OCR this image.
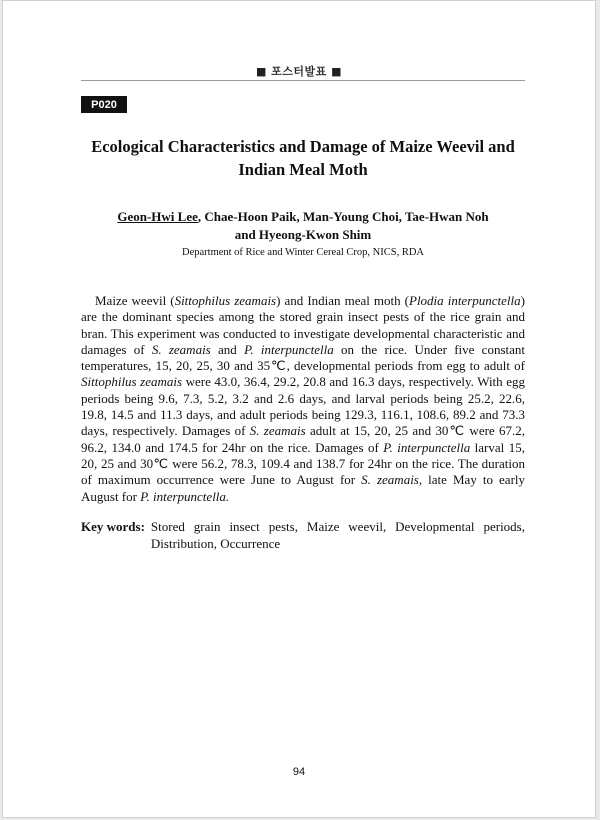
■ 포스터발표 ■
P020
Ecological Characteristics and Damage of Maize Weevil and
Indian Meal Moth
Geon-Hwi Lee, Chae-Hoon Paik, Man-Young Choi, Tae-Hwan Noh
and Hyeong-Kwon Shim
Department of Rice and Winter Cereal Crop, NICS, RDA

Maize weevil (Sittophilus zeamais) and Indian meal moth (Plodia interpunctella) are the dominant species among the stored grain insect pests of the rice grain and bran. This experiment was conducted to investigate developmental characteristic and damages of S. zeamais and P. interpunctella on the rice. Under five constant temperatures, 15, 20, 25, 30 and 35℃, developmental periods from egg to adult of Sittophilus zeamais were 43.0, 36.4, 29.2, 20.8 and 16.3 days, respectively. With egg periods being 9.6, 7.3, 5.2, 3.2 and 2.6 days, and larval periods being 25.2, 22.6, 19.8, 14.5 and 11.3 days, and adult periods being 129.3, 116.1, 108.6, 89.2 and 73.3 days, respectively. Damages of S. zeamais adult at 15, 20, 25 and 30℃ were 67.2, 96.2, 134.0 and 174.5 for 24hr on the rice. Damages of P. interpunctella larval 15, 20, 25 and 30℃ were 56.2, 78.3, 109.4 and 138.7 for 24hr on the rice. The duration of maximum occurrence were June to August for S. zeamais, late May to early August for P. interpunctella.

Key words: Stored grain insect pests, Maize weevil, Developmental periods, Distribution, Occurrence
94
